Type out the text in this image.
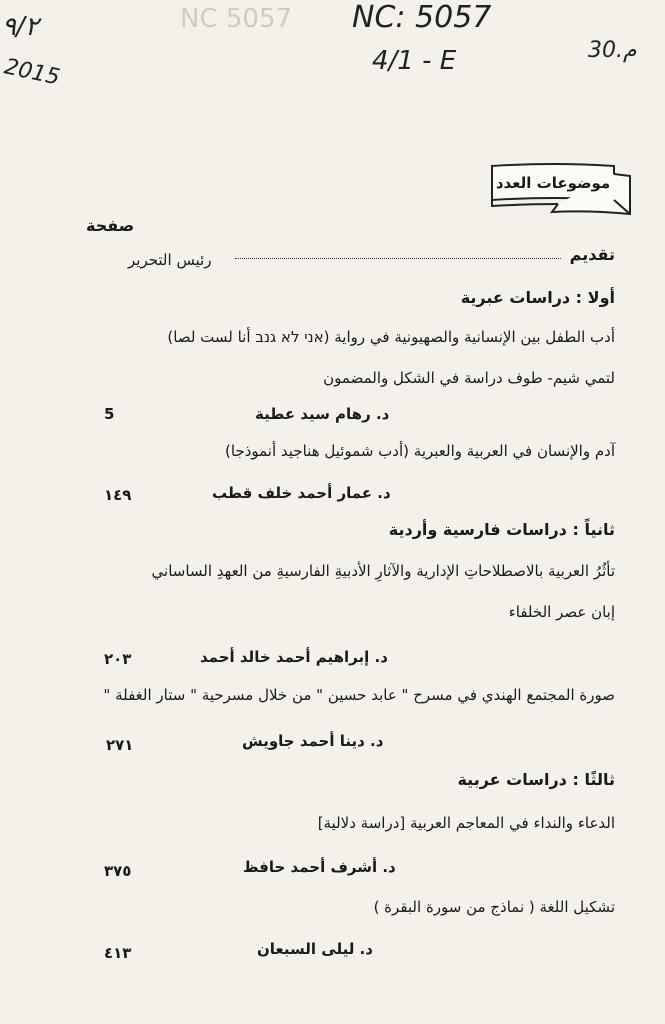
NC 5057
٩/٢
2015
NC: 5057
4/1 - E	30.م
موضوعات العدد
صفحة
تقديم
رئيس التحرير
أولا : دراسات عبرية
أدب الطفل بين الإنسانية والصهيونية في رواية (אני לא גנב أنا لست لصا)
لتمي شيم- طوف دراسة في الشكل والمضمون
د. رهام سيد عطية
5
آدم والإنسان في العربية والعبرية (أدب شموئيل هناجيد أنموذجا)
د. عمار أحمد خلف قطب
١٤٩
ثانياً : دراسات فارسية وأردية
تأثُرُ العربية بالاصطلاحاتِ الإدارية والآثارِ الأدبيةِ الفارسيةِ من العهدِ الساساني
إبان عصر الخلفاء
د. إبراهيم أحمد خالد أحمد
٢٠٣
صورة المجتمع الهندي في مسرح " عابد حسين " من خلال مسرحية " ستار الغفلة "
د. دينا أحمد جاويش
٢٧١
ثالثًا : دراسات عربية
الدعاء والنداء في المعاجم العربية [دراسة دلالية]
د. أشرف أحمد حافظ
٣٧٥
تشكيل اللغة ( نماذج من سورة البقرة )
د. ليلى السبعان
٤١٣
